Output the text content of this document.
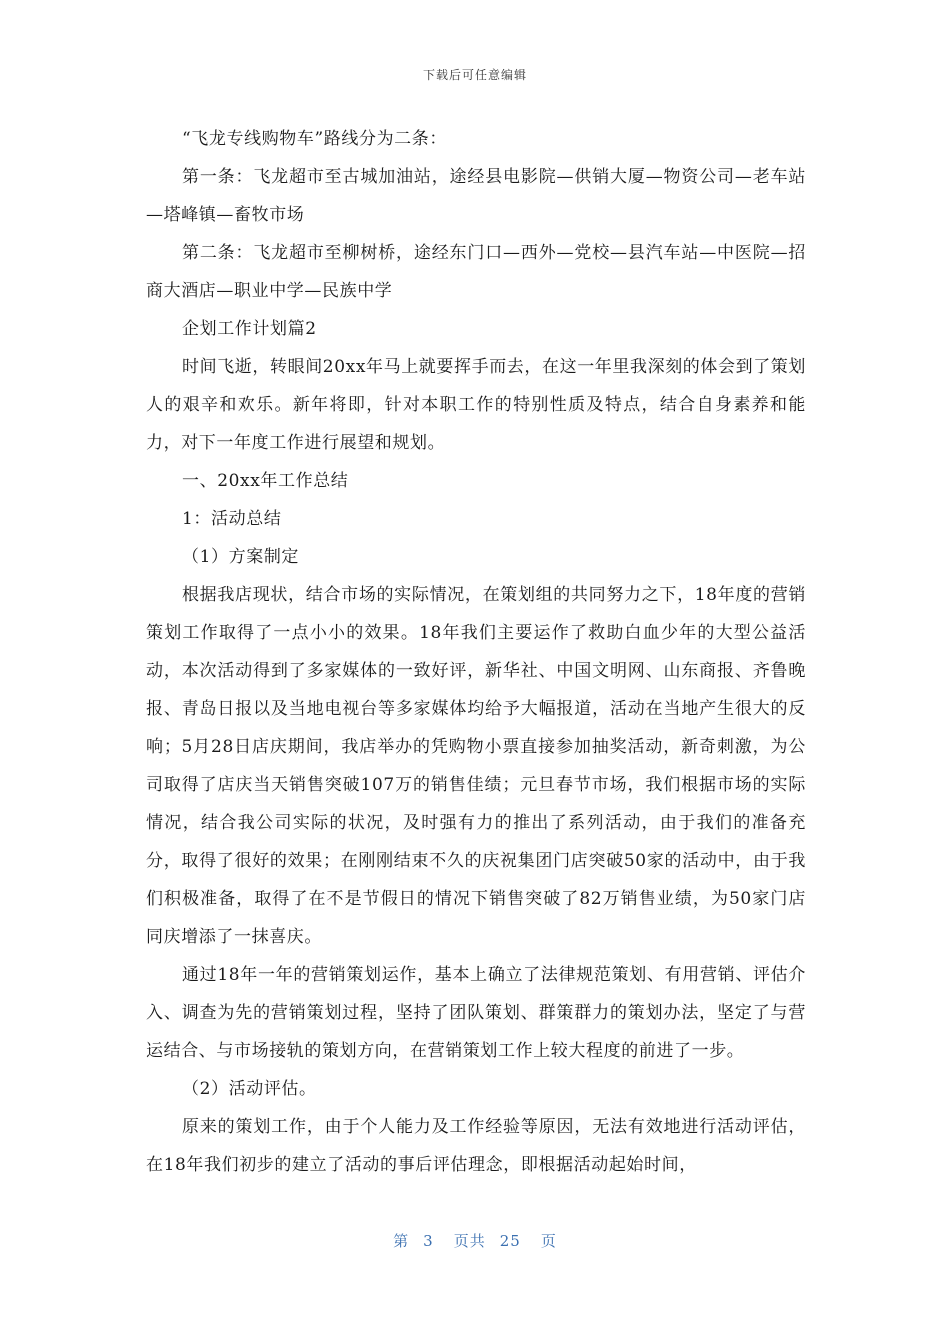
下载后可任意编辑

“飞龙专线购物车”路线分为二条：

第一条：飞龙超市至古城加油站，途经县电影院—供销大厦—物资公司—老车站—塔峰镇—畜牧市场

第二条：飞龙超市至柳树桥，途经东门口—西外—党校—县汽车站—中医院—招商大酒店—职业中学—民族中学

企划工作计划篇2

时间飞逝，转眼间20xx年马上就要挥手而去，在这一年里我深刻的体会到了策划人的艰辛和欢乐。新年将即，针对本职工作的特别性质及特点，结合自身素养和能力，对下一年度工作进行展望和规划。

一、20xx年工作总结

1：活动总结

（1）方案制定

根据我店现状，结合市场的实际情况，在策划组的共同努力之下，18年度的营销策划工作取得了一点小小的效果。18年我们主要运作了救助白血少年的大型公益活动，本次活动得到了多家媒体的一致好评，新华社、中国文明网、山东商报、齐鲁晚报、青岛日报以及当地电视台等多家媒体均给予大幅报道，活动在当地产生很大的反响；5月28日店庆期间，我店举办的凭购物小票直接参加抽奖活动，新奇刺激，为公司取得了店庆当天销售突破107万的销售佳绩；元旦春节市场，我们根据市场的实际情况，结合我公司实际的状况，及时强有力的推出了系列活动，由于我们的准备充分，取得了很好的效果；在刚刚结束不久的庆祝集团门店突破50家的活动中，由于我们积极准备，取得了在不是节假日的情况下销售突破了82万销售业绩，为50家门店同庆增添了一抹喜庆。

通过18年一年的营销策划运作，基本上确立了法律规范策划、有用营销、评估介入、调查为先的营销策划过程，坚持了团队策划、群策群力的策划办法，坚定了与营运结合、与市场接轨的策划方向，在营销策划工作上较大程度的前进了一步。

（2）活动评估。

原来的策划工作，由于个人能力及工作经验等原因，无法有效地进行活动评估，在18年我们初步的建立了活动的事后评估理念，即根据活动起始时间，

第 3 页共 25 页
